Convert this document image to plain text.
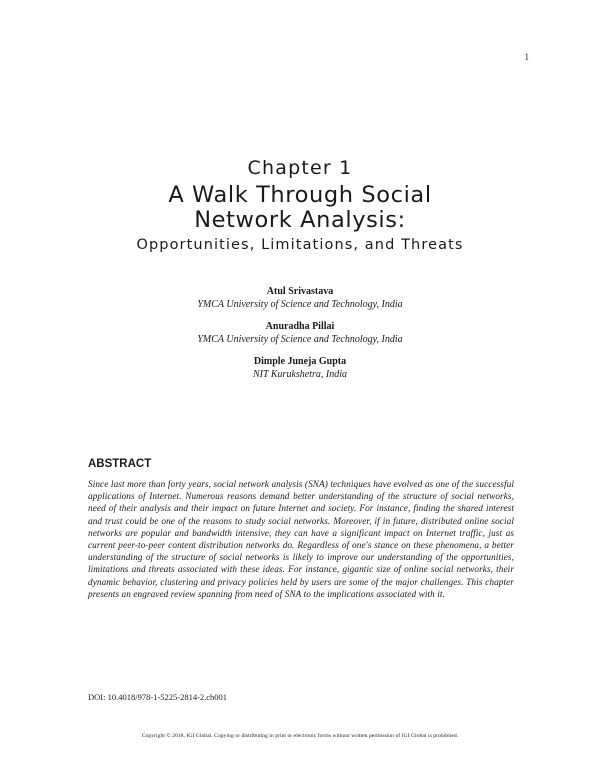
1
Chapter 1
A Walk Through Social
Network Analysis:
Opportunities, Limitations, and Threats
Atul Srivastava
YMCA University of Science and Technology, India
Anuradha Pillai
YMCA University of Science and Technology, India
Dimple Juneja Gupta
NIT Kurukshetra, India
ABSTRACT
Since last more than forty years, social network analysis (SNA) techniques have evolved as one of the successful applications of Internet. Numerous reasons demand better understanding of the structure of social networks, need of their analysis and their impact on future Internet and society. For instance, finding the shared interest and trust could be one of the reasons to study social networks. Moreover, if in future, distributed online social networks are popular and bandwidth intensive, they can have a significant impact on Internet traffic, just as current peer-to-peer content distribution networks do. Regardless of one's stance on these phenomena, a better understanding of the structure of social networks is likely to improve our understanding of the opportunities, limitations and threats associated with these ideas. For instance, gigantic size of online social networks, their dynamic behavior, clustering and privacy policies held by users are some of the major challenges. This chapter presents an engraved review spanning from need of SNA to the implications associated with it.
DOI: 10.4018/978-1-5225-2814-2.ch001
Copyright © 2018, IGI Global. Copying or distributing in print or electronic forms without written permission of IGI Global is prohibited.
